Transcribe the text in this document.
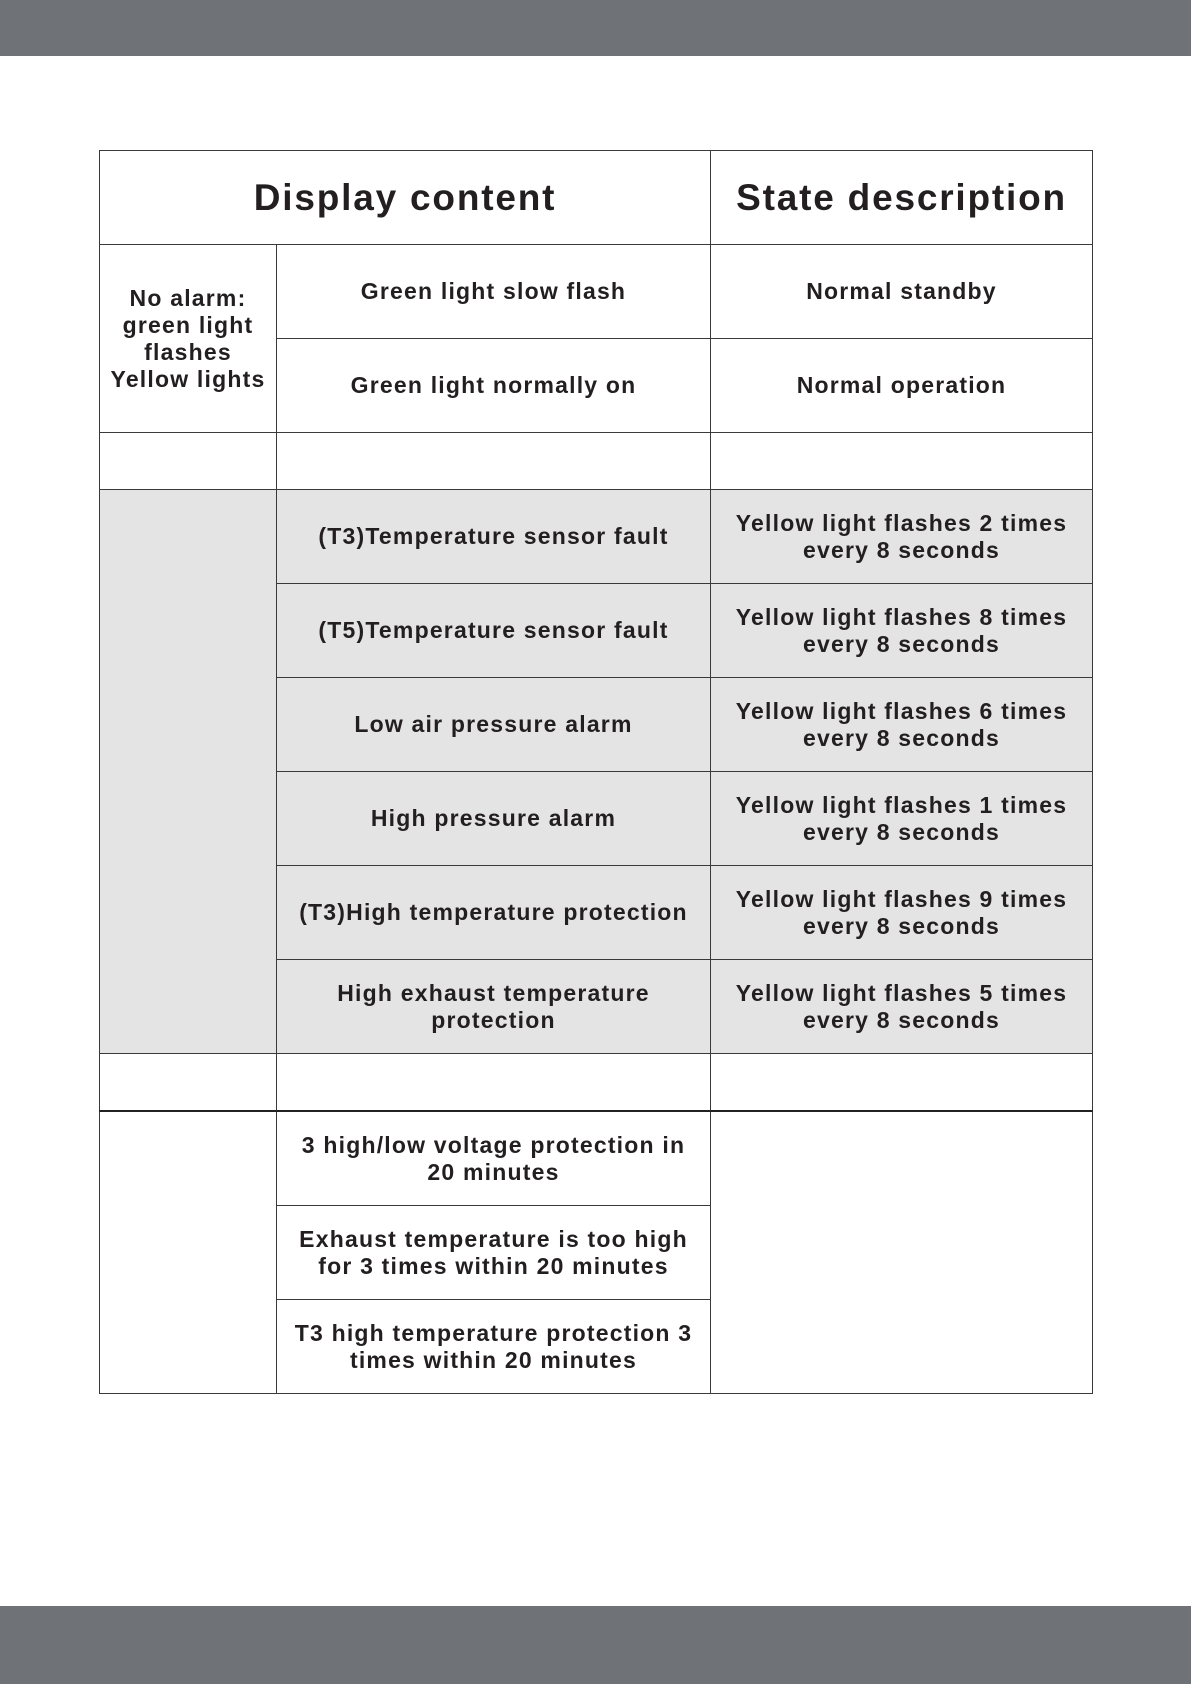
Display content		State description
No alarm: green light flashes Yellow lights	Green light slow flash	Normal standby
	Green light normally on	Normal operation

	(T3)Temperature sensor fault	Yellow light flashes 2 times every 8 seconds
	(T5)Temperature sensor fault	Yellow light flashes 8 times every 8 seconds
	Low air pressure alarm	Yellow light flashes 6 times every 8 seconds
	High pressure alarm	Yellow light flashes 1 times every 8 seconds
	(T3)High temperature protection	Yellow light flashes 9 times every 8 seconds
	High exhaust temperature protection	Yellow light flashes 5 times every 8 seconds

	3 high/low voltage protection in 20 minutes	
	Exhaust temperature is too high for 3 times within 20 minutes	
	T3 high temperature protection 3 times within 20 minutes	
